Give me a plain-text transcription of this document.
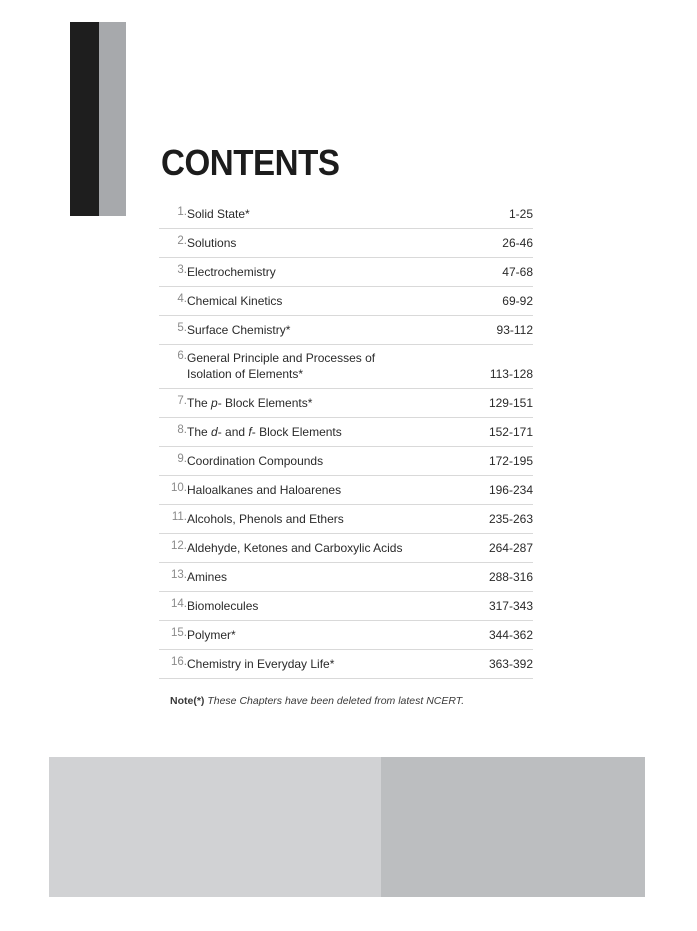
CONTENTS
1. Solid State*	1-25
2. Solutions	26-46
3. Electrochemistry	47-68
4. Chemical Kinetics	69-92
5. Surface Chemistry*	93-112
6. General Principle and Processes of
Isolation of Elements*	113-128
7. The p- Block Elements*	129-151
8. The d- and f- Block Elements	152-171
9. Coordination Compounds	172-195
10. Haloalkanes and Haloarenes	196-234
11. Alcohols, Phenols and Ethers	235-263
12. Aldehyde, Ketones and Carboxylic Acids	264-287
13. Amines	288-316
14. Biomolecules	317-343
15. Polymer*	344-362
16. Chemistry in Everyday Life*	363-392
Note(*) These Chapters have been deleted from latest NCERT.
